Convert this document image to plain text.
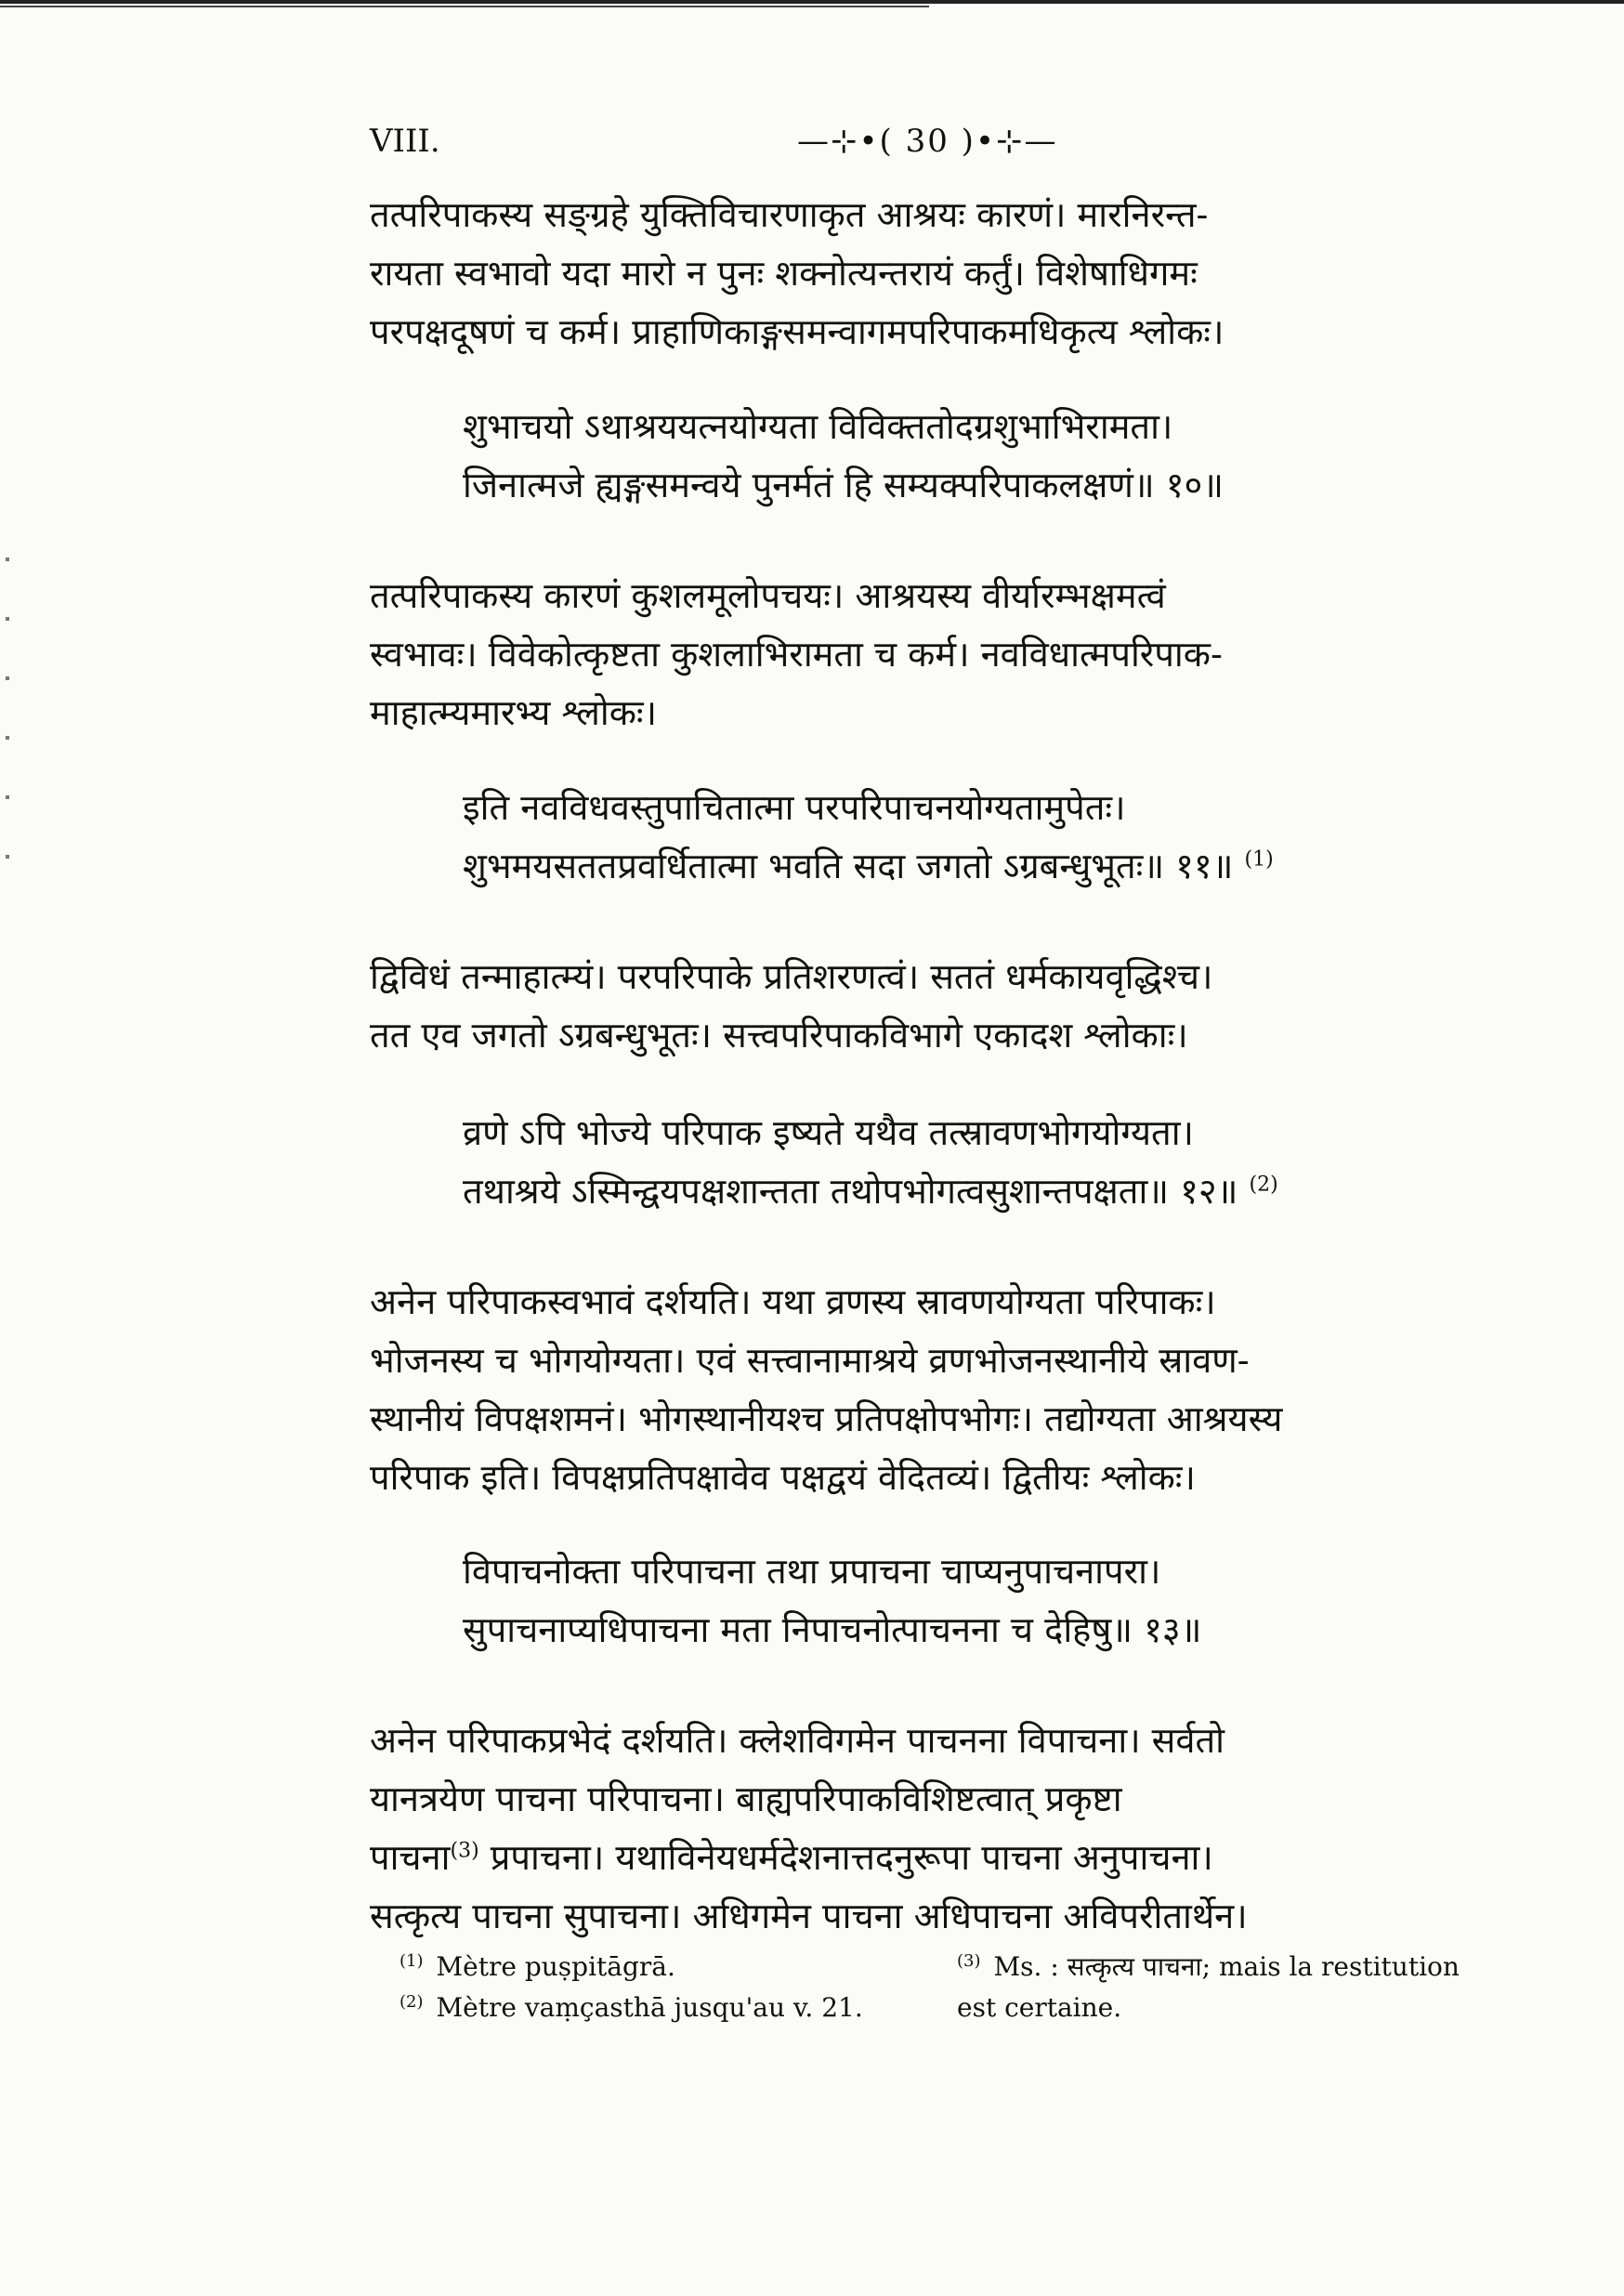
VIII.	—⊹•( 30 )•⊹—
तत्परिपाकस्य सङ्ग्रहे युक्तिविचारणाकृत आश्रयः कारणं। मारनिरन्त-
रायता स्वभावो यदा मारो न पुनः शक्नोत्यन्तरायं कर्तुं। विशेषाधिगमः
परपक्षदूषणं च कर्म। प्राहाणिकाङ्गसमन्वागमपरिपाकमधिकृत्य श्लोकः।
शुभाचयो ऽथाश्रययत्नयोग्यता विविक्ततोदग्रशुभाभिरामता।
जिनात्मजे ह्यङ्गसमन्वये पुनर्मतं हि सम्यक्परिपाकलक्षणं॥ १०॥
तत्परिपाकस्य कारणं कुशलमूलोपचयः। आश्रयस्य वीर्यारम्भक्षमत्वं
स्वभावः। विवेकोत्कृष्टता कुशलाभिरामता च कर्म। नवविधात्मपरिपाक-
माहात्म्यमारभ्य श्लोकः।
इति नवविधवस्तुपाचितात्मा परपरिपाचनयोग्यतामुपेतः।
शुभमयसततप्रवर्धितात्मा भवति सदा जगतो ऽग्रबन्धुभूतः॥ ११॥ $^{(1)}$
द्विविधं तन्माहात्म्यं। परपरिपाके प्रतिशरणत्वं। सततं धर्मकायवृद्धिश्च।
तत एव जगतो ऽग्रबन्धुभूतः। सत्त्वपरिपाकविभागे एकादश श्लोकाः।
व्रणे ऽपि भोज्ये परिपाक इष्यते यथैव तत्स्रावणभोगयोग्यता।
तथाश्रये ऽस्मिन्द्वयपक्षशान्तता तथोपभोगत्वसुशान्तपक्षता॥ १२॥ $^{(2)}$
अनेन परिपाकस्वभावं दर्शयति। यथा व्रणस्य स्रावणयोग्यता परिपाकः।
भोजनस्य च भोगयोग्यता। एवं सत्त्वानामाश्रये व्रणभोजनस्थानीये स्रावण-
स्थानीयं विपक्षशमनं। भोगस्थानीयश्च प्रतिपक्षोपभोगः। तद्योग्यता आश्रयस्य
परिपाक इति। विपक्षप्रतिपक्षावेव पक्षद्वयं वेदितव्यं। द्वितीयः श्लोकः।
विपाचनोक्ता परिपाचना तथा प्रपाचना चाप्यनुपाचनापरा।
सुपाचनाप्यधिपाचना मता निपाचनोत्पाचनना च देहिषु॥ १३॥
अनेन परिपाकप्रभेदं दर्शयति। क्लेशविगमेन पाचनना विपाचना। सर्वतो
यानत्रयेण पाचना परिपाचना। बाह्यपरिपाकविशिष्टत्वात् प्रकृष्टा
पाचना$^{(3)}$ प्रपाचना। यथाविनेयधर्मदेशनात्तदनुरूपा पाचना अनुपाचना।
सत्कृत्य पाचना सुपाचना। अधिगमेन पाचना अधिपाचना अविपरीतार्थेन।
$^{(1)}$ Mètre puṣpitāgrā.
$^{(2)}$ Mètre vaṃçasthā jusqu'au v. 21.
$^{(3)}$ Ms. : सत्कृत्य पाचना; mais la restitution est certaine.
